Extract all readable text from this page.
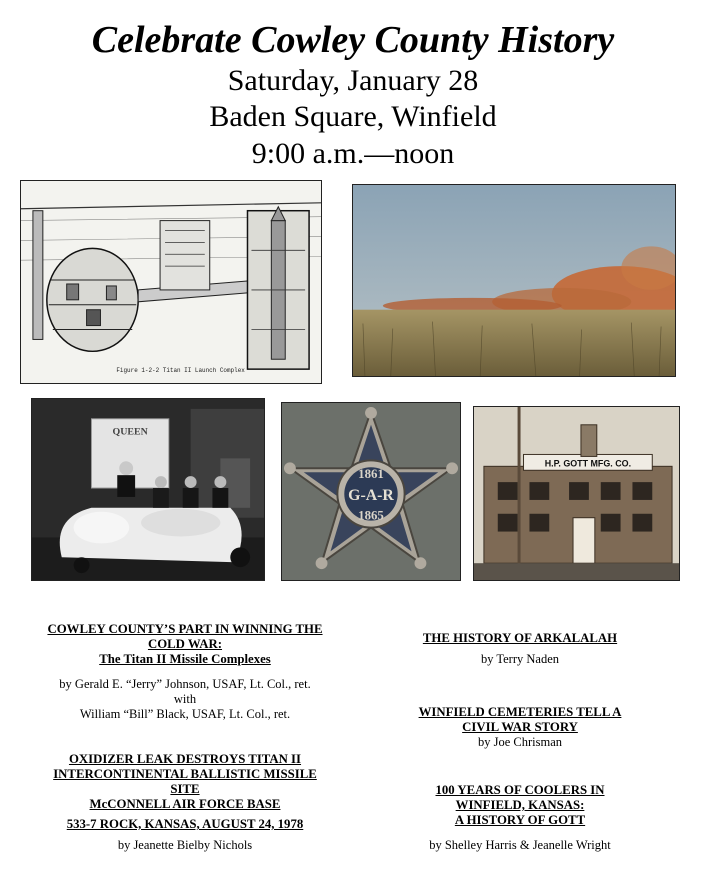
Celebrate Cowley County History
Saturday, January 28
Baden Square, Winfield
9:00 a.m.—noon
Figure 1-2-2 Titan II Launch Complex
QUEEN
1861
G-A-R
1865
H.P. GOTT MFG. CO.
COWLEY COUNTY’S PART IN WINNING THE
COLD WAR:
The Titan II Missile Complexes
by Gerald E. “Jerry” Johnson, USAF, Lt. Col., ret.
with
William “Bill” Black, USAF, Lt. Col., ret.
OXIDIZER LEAK DESTROYS TITAN II
INTERCONTINENTAL BALLISTIC MISSILE
SITE
McCONNELL AIR FORCE BASE
533-7 ROCK, KANSAS, AUGUST 24, 1978
by Jeanette Bielby Nichols
THE HISTORY OF ARKALALAH
by Terry Naden
WINFIELD CEMETERIES TELL A
CIVIL WAR STORY
by Joe Chrisman
100 YEARS OF COOLERS IN
WINFIELD, KANSAS:
A HISTORY OF GOTT
by Shelley Harris & Jeanelle Wright
